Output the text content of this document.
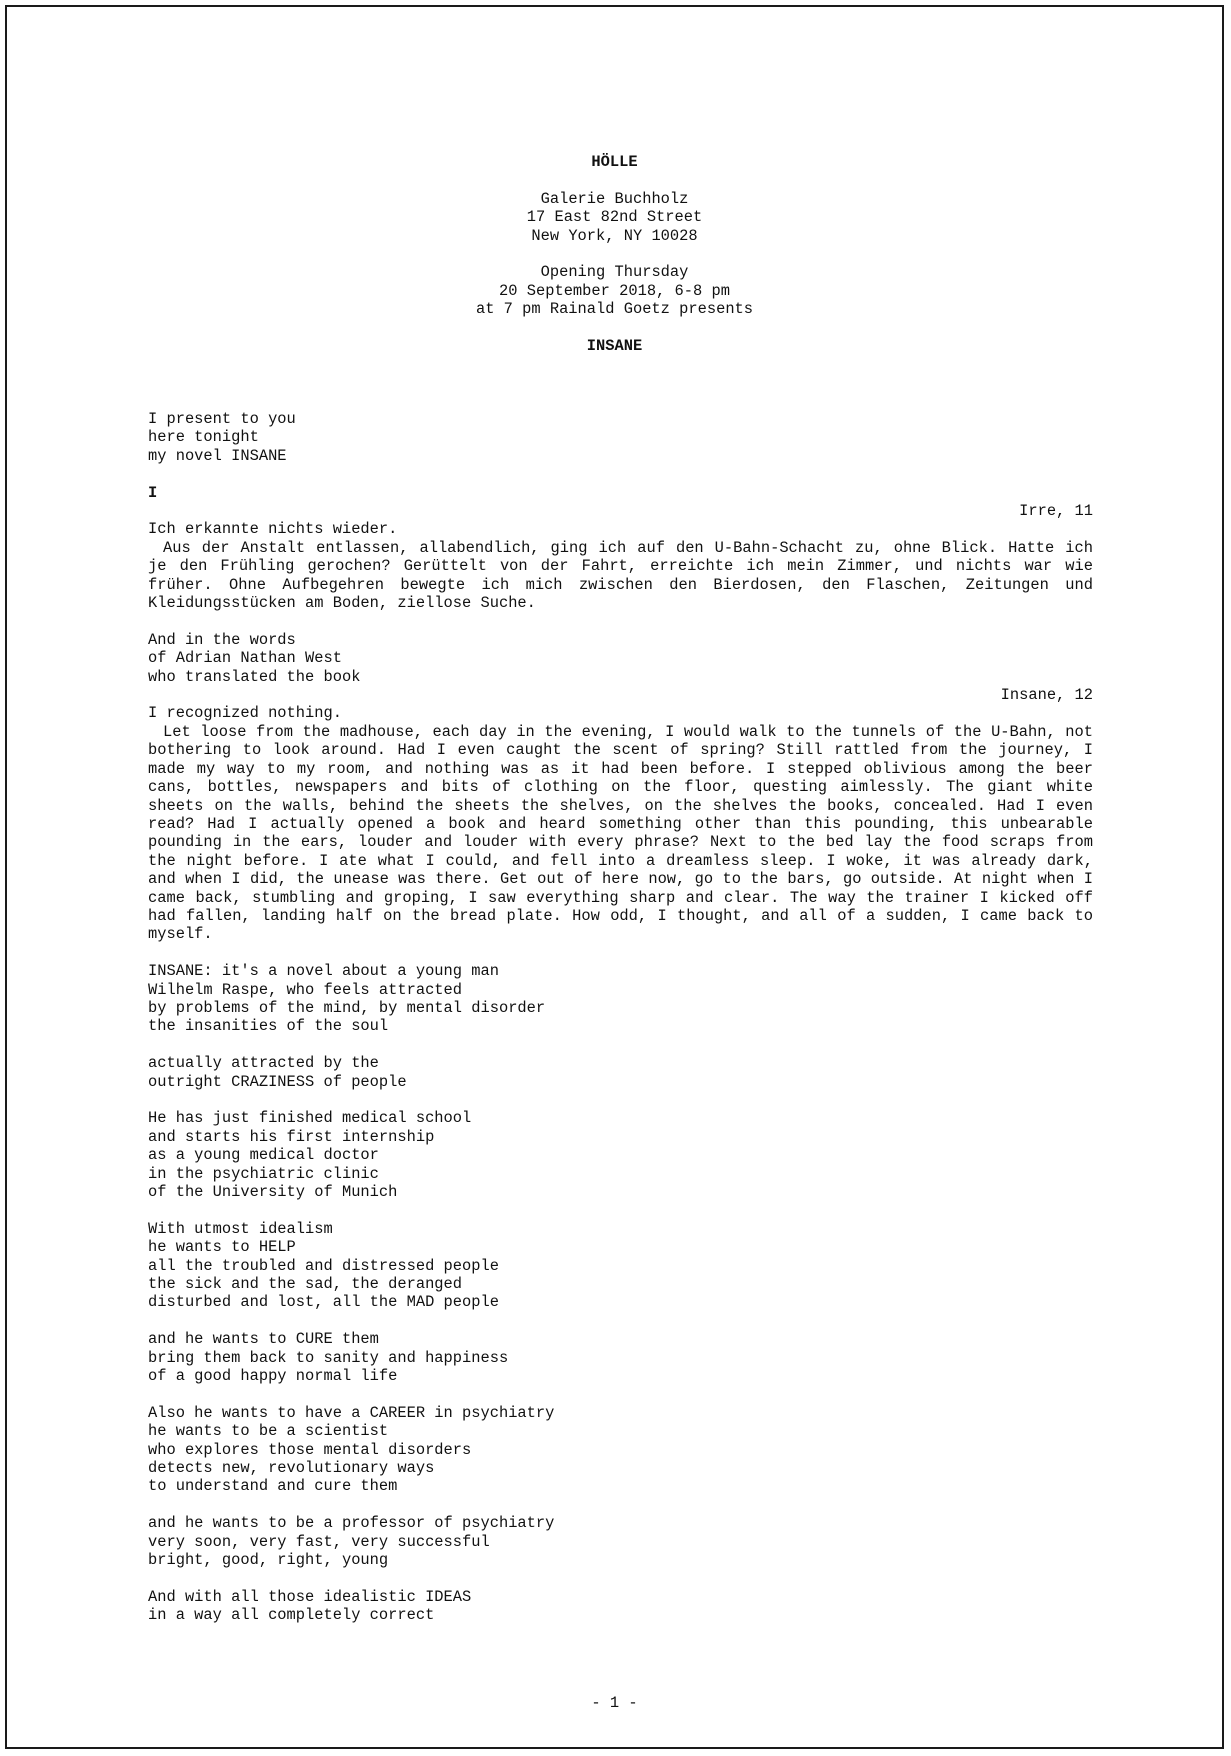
HÖLLE
Galerie Buchholz
17 East 82nd Street
New York, NY 10028
Opening Thursday
20 September 2018, 6-8 pm
at 7 pm Rainald Goetz presents
INSANE

I present to you
here tonight
my novel INSANE

I

Irre, 11

Ich erkannte nichts wieder.

Aus der Anstalt entlassen, allabendlich, ging ich auf den U-Bahn-Schacht zu, ohne Blick. Hatte ich je den Frühling gerochen? Gerüttelt von der Fahrt, erreichte ich mein Zimmer, und nichts war wie früher. Ohne Aufbegehren bewegte ich mich zwischen den Bierdosen, den Flaschen, Zeitungen und Kleidungsstücken am Boden, ziellose Suche.

And in the words
of Adrian Nathan West
who translated the book

Insane, 12

I recognized nothing.

Let loose from the madhouse, each day in the evening, I would walk to the tunnels of the U-Bahn, not bothering to look around. Had I even caught the scent of spring? Still rattled from the journey, I made my way to my room, and nothing was as it had been before. I stepped oblivious among the beer cans, bottles, newspapers and bits of clothing on the floor, questing aimlessly. The giant white sheets on the walls, behind the sheets the shelves, on the shelves the books, concealed. Had I even read? Had I actually opened a book and heard something other than this pounding, this unbearable pounding in the ears, louder and louder with every phrase? Next to the bed lay the food scraps from the night before. I ate what I could, and fell into a dreamless sleep. I woke, it was already dark, and when I did, the unease was there. Get out of here now, go to the bars, go outside. At night when I came back, stumbling and groping, I saw everything sharp and clear. The way the trainer I kicked off had fallen, landing half on the bread plate. How odd, I thought, and all of a sudden, I came back to myself.

INSANE: it's a novel about a young man
Wilhelm Raspe, who feels attracted
by problems of the mind, by mental disorder
the insanities of the soul

actually attracted by the
outright CRAZINESS of people

He has just finished medical school
and starts his first internship
as a young medical doctor
in the psychiatric clinic
of the University of Munich

With utmost idealism
he wants to HELP
all the troubled and distressed people
the sick and the sad, the deranged
disturbed and lost, all the MAD people

and he wants to CURE them
bring them back to sanity and happiness
of a good happy normal life

Also he wants to have a CAREER in psychiatry
he wants to be a scientist
who explores those mental disorders
detects new, revolutionary ways
to understand and cure them

and he wants to be a professor of psychiatry
very soon, very fast, very successful
bright, good, right, young

And with all those idealistic IDEAS
in a way all completely correct

- 1 -
